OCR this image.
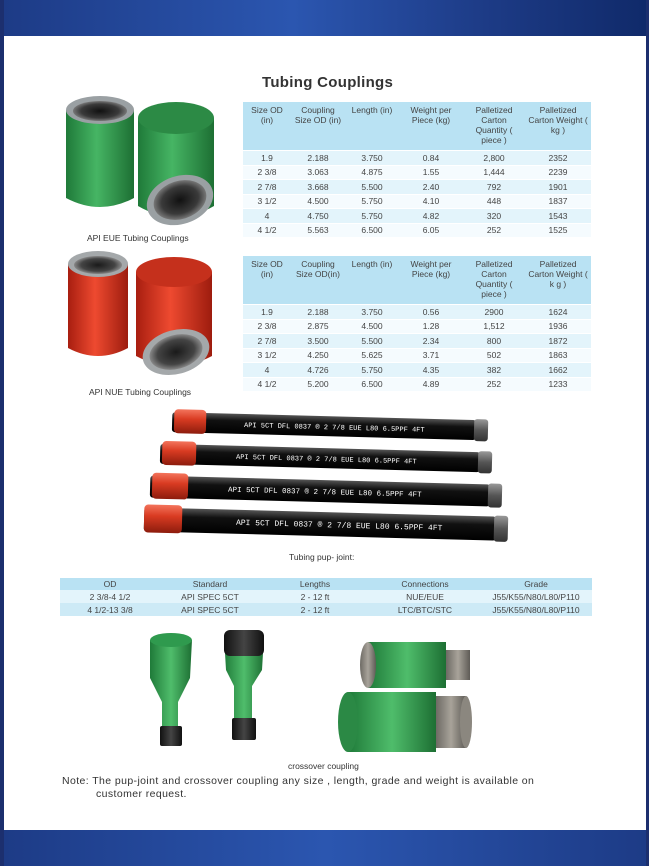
Tubing Couplings
API EUE Tubing Couplings
Size OD (in)	Coupling Size OD (in)	Length (in)	Weight per Piece (kg)	Palletized Carton Quantity ( piece )	Palletized Carton Weight ( kg )
1.9	2.188	3.750	0.84	2,800	2352
2 3/8	3.063	4.875	1.55	1,444	2239
2 7/8	3.668	5.500	2.40	792	1901
3 1/2	4.500	5.750	4.10	448	1837
4	4.750	5.750	4.82	320	1543
4 1/2	5.563	6.500	6.05	252	1525
API NUE Tubing Couplings
Size OD (in)	Coupling Size OD(in)	Length (in)	Weight per Piece (kg)	Palletized Carton Quantity ( piece )	Palletized Carton Weight ( k g )
1.9	2.188	3.750	0.56	2900	1624
2 3/8	2.875	4.500	1.28	1,512	1936
2 7/8	3.500	5.500	2.34	800	1872
3 1/2	4.250	5.625	3.71	502	1863
4	4.726	5.750	4.35	382	1662
4 1/2	5.200	6.500	4.89	252	1233
API 5CT DFL 0837 ® 2 7/8 EUE L80 6.5PPF 4FT
API 5CT DFL 0837 ® 2 7/8 EUE L80 6.5PPF 4FT
API 5CT DFL 0837 ® 2 7/8 EUE L80 6.5PPF 4FT
API 5CT DFL 0837 ® 2 7/8 EUE L80 6.5PPF 4FT
Tubing pup- joint:
OD	Standard	Lengths	Connections	Grade
2 3/8-4 1/2	API SPEC 5CT	2 - 12 ft	NUE/EUE	J55/K55/N80/L80/P110
4 1/2-13 3/8	API SPEC 5CT	2 - 12 ft	LTC/BTC/STC	J55/K55/N80/L80/P110
crossover coupling
Note: The pup-joint and crossover coupling any size , length, grade and weight is available on
customer request.
